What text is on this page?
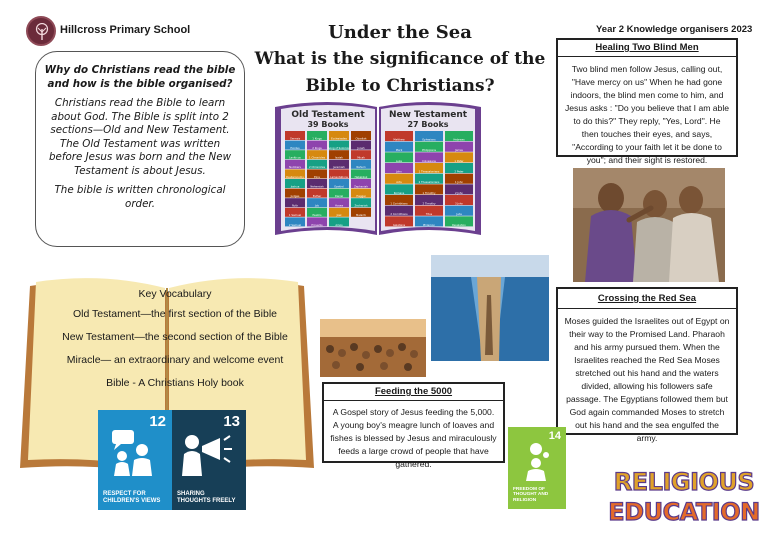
Hillcross Primary School	Year 2 Knowledge organisers 2023
Under the Sea
What is the significance of the
Bible to Christians?

Why do Christians read the bible and how is the bible organised?

Christians read the Bible to learn about God. The Bible is split into 2 sections—Old and New Testament. The Old Testament was written before Jesus was born and the New Testament is about Jesus.

The bible is written chronological order.

Genesis
Exodus
Leviticus
Numbers
Deuteronomy
Joshua
Judges
Ruth
1 Samuel
2 Samuel
1 Kings
2 Kings
1 Chronicles
2 Chronicles
Ezra
Nehemiah
Esther
Job
Psalms
Proverbs
Ecclesiastes
Song of Solomon
Isaiah
Jeremiah
Lamentations
Ezekiel
Daniel
Hosea
Joel
Amos
Obadiah
Jonah
Micah
Nahum
Habakkuk
Zephaniah
Haggai
Zechariah
Malachi
Matthew
Mark
Luke
John
Acts
Romans
1 Corinthians
2 Corinthians
Galatians
Ephesians
Philippians
Colossians
1 Thessalonians
2 Thessalonians
1 Timothy
2 Timothy
Titus
Philemon
Hebrews
James
1 Peter
2 Peter
1 John
2 John
3 John
Jude
Revelation
Old Testament
39 Books
New Testament
27 Books
Healing Two Blind Men

Two blind men follow Jesus, calling out, "Have mercy on us" When he had gone indoors, the blind men come to him, and Jesus asks : "Do you believe that I am able to do this?" They reply, "Yes, Lord". He then touches their eyes, and says, "According to your faith let it be done to you"; and their sight is restored.

Crossing the Red Sea

Moses guided the Israelites out of Egypt on their way to the Promised Land. Pharaoh and his army pursued them. When the Israelites reached the Red Sea Moses stretched out his hand and the waters divided, allowing his followers safe passage. The Egyptians followed them but God again commanded Moses to stretch out his hand and the sea engulfed the army.

Feeding the 5000

A Gospel story of Jesus feeding the 5,000. A young boy's meagre lunch of loaves and fishes is blessed by Jesus and miraculously feeds a large crowd of people that have gathered.

Key Vocabulary
Old Testament—the first section of the Bible
New Testament—the second section of the Bible
Miracle— an extraordinary and welcome event
Bible - A Christians Holy book
12
RESPECT FOR
CHILDREN'S VIEWS
13
SHARING
THOUGHTS FREELY
14
FREEDOM OF
THOUGHT AND
RELIGION
RELIGIOUS
EDUCATION
